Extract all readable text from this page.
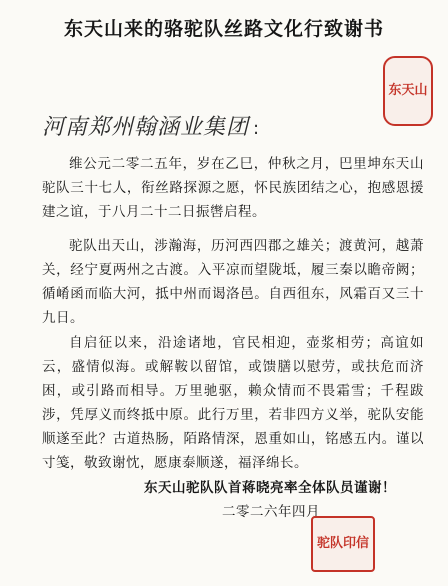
东天山来的骆驼队丝路文化行致谢书
东天山
河南郑州翰涵业集团 :
维公元二零二五年，岁在乙巳，仲秋之月，巴里坤东天山驼队三十七人，衔丝路探源之愿，怀民族团结之心，抱感恩援建之谊，于八月二十二日振辔启程。
驼队出天山，涉瀚海，历河西四郡之雄关；渡黄河，越萧关，经宁夏两州之古渡。入平凉而望陇坻，履三秦以瞻帝阙；循崤函而临大河，抵中州而谒洛邑。自西徂东，风霜百又三十九日。
自启征以来，沿途诸地，官民相迎，壶浆相劳；高谊如云，盛情似海。或解鞍以留馆，或馈膳以慰劳，或扶危而济困，或引路而相导。万里驰驱，赖众情而不畏霜雪；千程跋涉，凭厚义而终抵中原。此行万里，若非四方义举，驼队安能顺遂至此？古道热肠，陌路情深，恩重如山，铭感五内。谨以寸笺，敬致谢忱，愿康泰顺遂，福泽绵长。
东天山驼队队首蒋晓亮率全体队员谨谢！
二零二六年四月
驼队印信
